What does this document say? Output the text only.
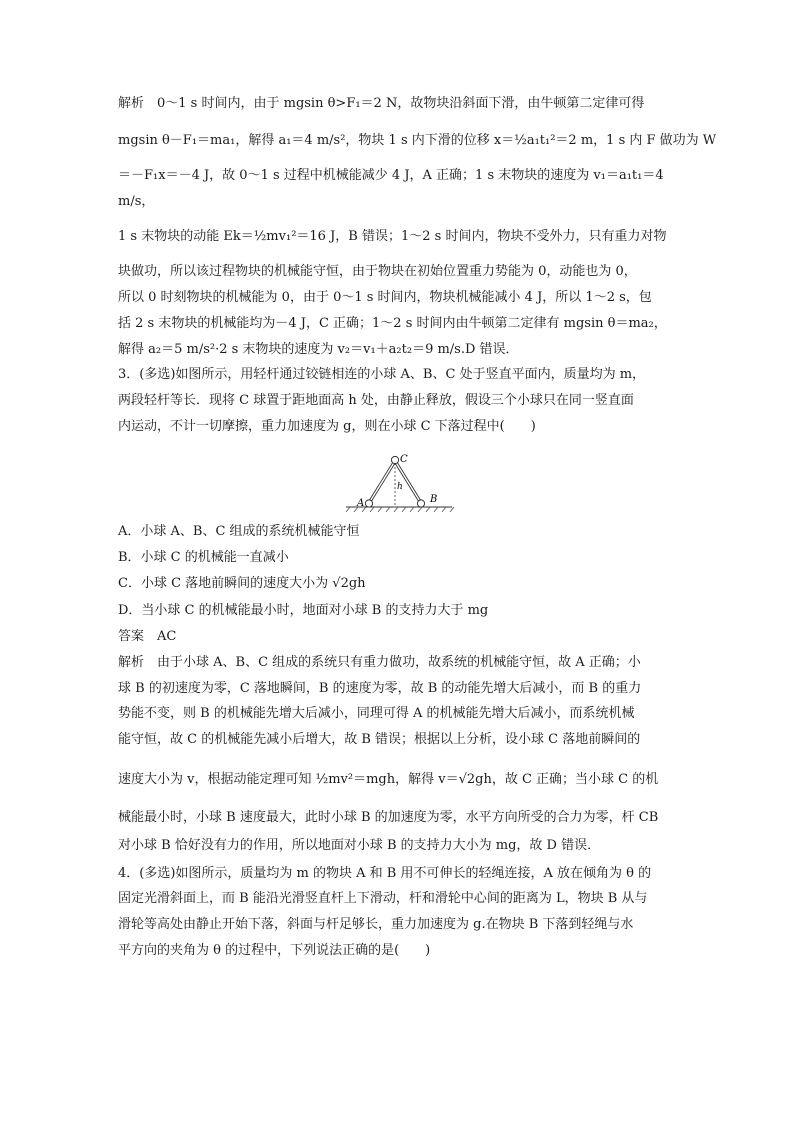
解析　0～1 s 时间内，由于 mgsin θ>F₁＝2 N，故物块沿斜面下滑，由牛顿第二定律可得
mgsin θ－F₁＝ma₁，解得 a₁＝4 m/s²，物块 1 s 内下滑的位移 x＝½a₁t₁²＝2 m，1 s 内 F 做功为 W
＝－F₁x＝－4 J，故 0～1 s 过程中机械能减少 4 J，A 正确；1 s 末物块的速度为 v₁＝a₁t₁＝4
m/s，
1 s 末物块的动能 Ek＝½mv₁²＝16 J，B 错误；1～2 s 时间内，物块不受外力，只有重力对物
块做功，所以该过程物块的机械能守恒，由于物块在初始位置重力势能为 0，动能也为 0，
所以 0 时刻物块的机械能为 0，由于 0～1 s 时间内，物块机械能减小 4 J，所以 1～2 s，包
括 2 s 末物块的机械能均为－4 J，C 正确；1～2 s 时间内由牛顿第二定律有 mgsin θ＝ma₂，
解得 a₂＝5 m/s²·2 s 末物块的速度为 v₂＝v₁＋a₂t₂＝9 m/s.D 错误．
3．(多选)如图所示，用轻杆通过铰链相连的小球 A、B、C 处于竖直平面内，质量均为 m，
两段轻杆等长．现将 C 球置于距地面高 h 处，由静止释放，假设三个小球只在同一竖直面
内运动，不计一切摩擦，重力加速度为 g，则在小球 C 下落过程中(　　)
C
h
A	B
A．小球 A、B、C 组成的系统机械能守恒
B．小球 C 的机械能一直减小
C．小球 C 落地前瞬间的速度大小为 √2gh
D．当小球 C 的机械能最小时，地面对小球 B 的支持力大于 mg
答案　AC
解析　由于小球 A、B、C 组成的系统只有重力做功，故系统的机械能守恒，故 A 正确；小
球 B 的初速度为零，C 落地瞬间，B 的速度为零，故 B 的动能先增大后减小，而 B 的重力
势能不变，则 B 的机械能先增大后减小，同理可得 A 的机械能先增大后减小，而系统机械
能守恒，故 C 的机械能先减小后增大，故 B 错误；根据以上分析，设小球 C 落地前瞬间的
速度大小为 v，根据动能定理可知 ½mv²＝mgh，解得 v＝√2gh，故 C 正确；当小球 C 的机
械能最小时，小球 B 速度最大，此时小球 B 的加速度为零，水平方向所受的合力为零，杆 CB
对小球 B 恰好没有力的作用，所以地面对小球 B 的支持力大小为 mg，故 D 错误．
4．(多选)如图所示，质量均为 m 的物块 A 和 B 用不可伸长的轻绳连接，A 放在倾角为 θ 的
固定光滑斜面上，而 B 能沿光滑竖直杆上下滑动，杆和滑轮中心间的距离为 L，物块 B 从与
滑轮等高处由静止开始下落，斜面与杆足够长，重力加速度为 g.在物块 B 下落到轻绳与水
平方向的夹角为 θ 的过程中，下列说法正确的是(　　)
